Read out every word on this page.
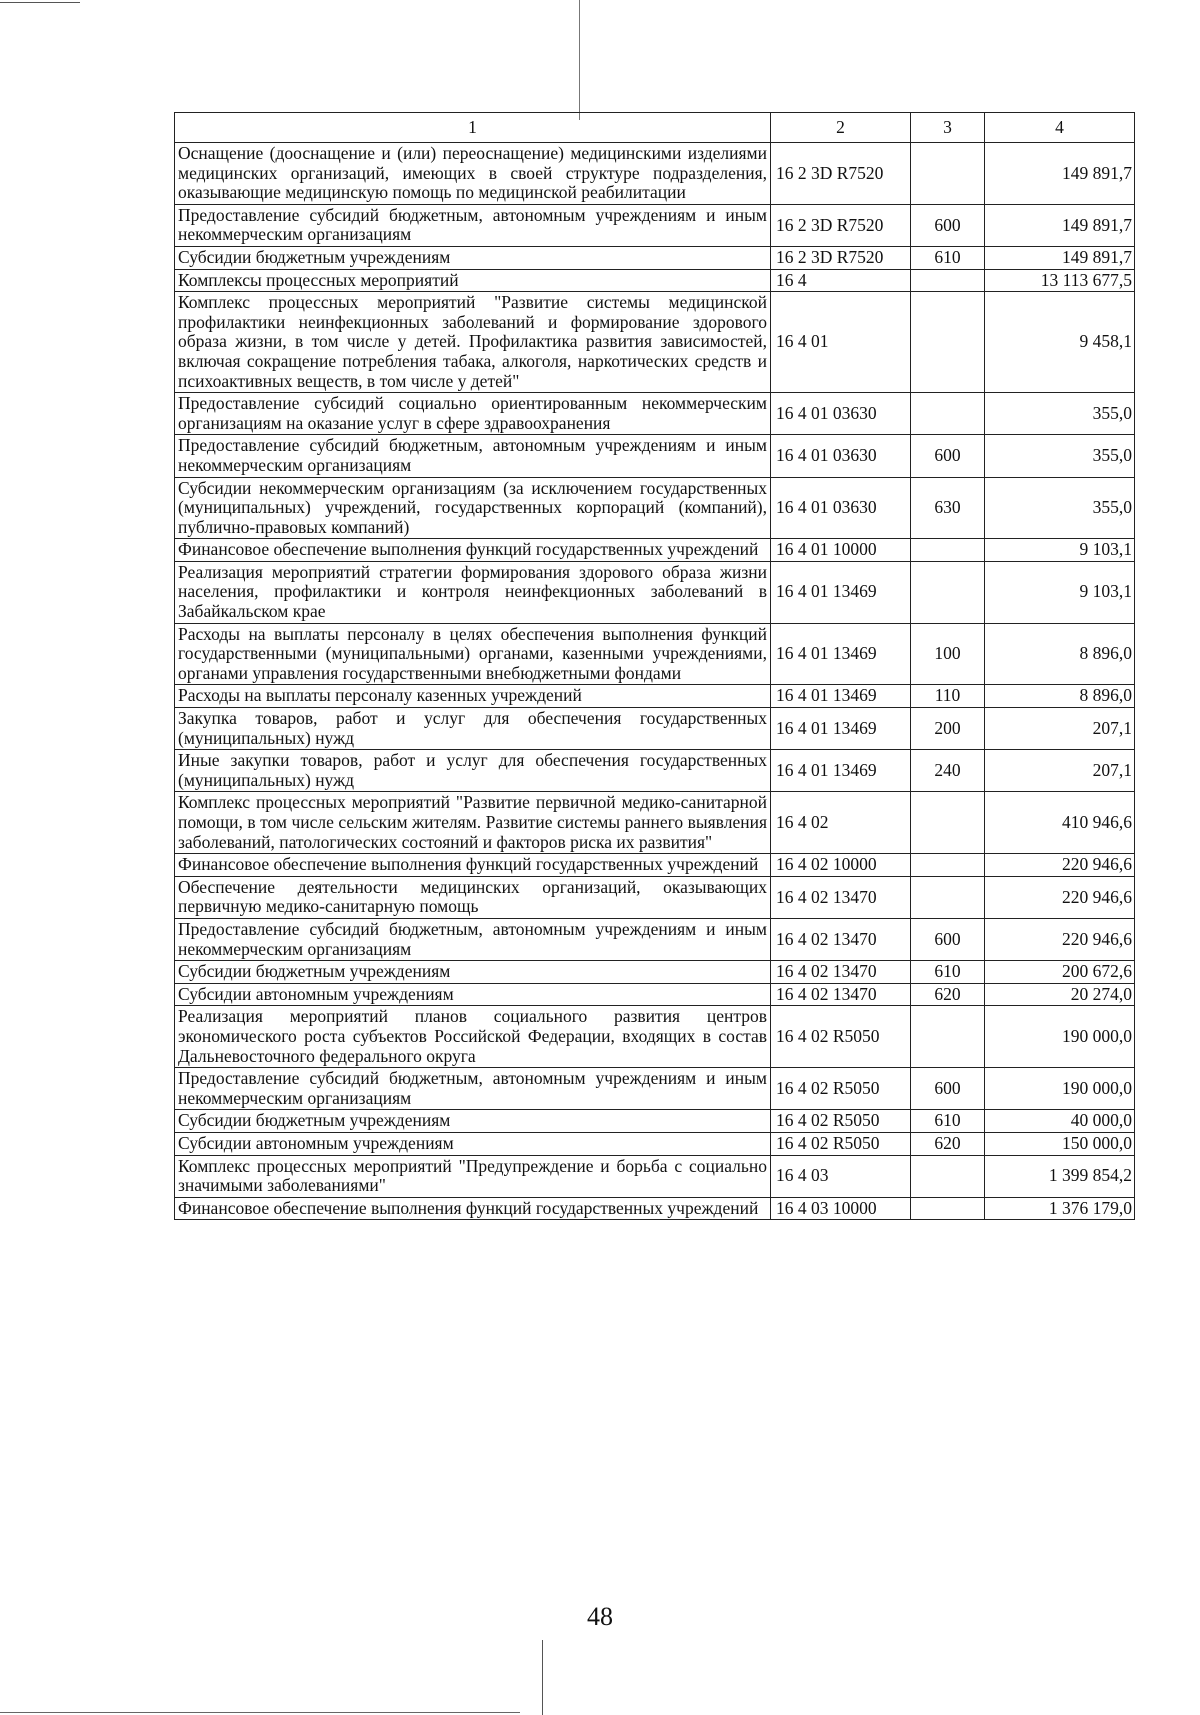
1	2	3	4
Оснащение (дооснащение и (или) переоснащение) медицинскими изделиями медицинских организаций, имеющих в своей структуре подразделения, оказывающие медицинскую помощь по медицинской реабилитации	16 2 3D R7520		149 891,7
Предоставление субсидий бюджетным, автономным учреждениям и иным некоммерческим организациям	16 2 3D R7520	600	149 891,7
Субсидии бюджетным учреждениям	16 2 3D R7520	610	149 891,7
Комплексы процессных мероприятий	16 4		13 113 677,5
Комплекс процессных мероприятий "Развитие системы медицинской профилактики неинфекционных заболеваний и формирование здорового образа жизни, в том числе у детей. Профилактика развития зависимостей, включая сокращение потребления табака, алкоголя, наркотических средств и психоактивных веществ, в том числе у детей"	16 4 01		9 458,1
Предоставление субсидий социально ориентированным некоммерческим организациям на оказание услуг в сфере здравоохранения	16 4 01 03630		355,0
Предоставление субсидий бюджетным, автономным учреждениям и иным некоммерческим организациям	16 4 01 03630	600	355,0
Субсидии некоммерческим организациям (за исключением государственных (муниципальных) учреждений, государственных корпораций (компаний), публично-правовых компаний)	16 4 01 03630	630	355,0
Финансовое обеспечение выполнения функций государственных учреждений	16 4 01 10000		9 103,1
Реализация мероприятий стратегии формирования здорового образа жизни населения, профилактики и контроля неинфекционных заболеваний в Забайкальском крае	16 4 01 13469		9 103,1
Расходы на выплаты персоналу в целях обеспечения выполнения функций государственными (муниципальными) органами, казенными учреждениями, органами управления государственными внебюджетными фондами	16 4 01 13469	100	8 896,0
Расходы на выплаты персоналу казенных учреждений	16 4 01 13469	110	8 896,0
Закупка товаров, работ и услуг для обеспечения государственных (муниципальных) нужд	16 4 01 13469	200	207,1
Иные закупки товаров, работ и услуг для обеспечения государственных (муниципальных) нужд	16 4 01 13469	240	207,1
Комплекс процессных мероприятий "Развитие первичной медико-санитарной помощи, в том числе сельским жителям. Развитие системы раннего выявления заболеваний, патологических состояний и факторов риска их развития"	16 4 02		410 946,6
Финансовое обеспечение выполнения функций государственных учреждений	16 4 02 10000		220 946,6
Обеспечение деятельности медицинских организаций, оказывающих первичную медико-санитарную помощь	16 4 02 13470		220 946,6
Предоставление субсидий бюджетным, автономным учреждениям и иным некоммерческим организациям	16 4 02 13470	600	220 946,6
Субсидии бюджетным учреждениям	16 4 02 13470	610	200 672,6
Субсидии автономным учреждениям	16 4 02 13470	620	20 274,0
Реализация мероприятий планов социального развития центров экономического роста субъектов Российской Федерации, входящих в состав Дальневосточного федерального округа	16 4 02 R5050		190 000,0
Предоставление субсидий бюджетным, автономным учреждениям и иным некоммерческим организациям	16 4 02 R5050	600	190 000,0
Субсидии бюджетным учреждениям	16 4 02 R5050	610	40 000,0
Субсидии автономным учреждениям	16 4 02 R5050	620	150 000,0
Комплекс процессных мероприятий "Предупреждение и борьба с социально значимыми заболеваниями"	16 4 03		1 399 854,2
Финансовое обеспечение выполнения функций государственных учреждений	16 4 03 10000		1 376 179,0
48
